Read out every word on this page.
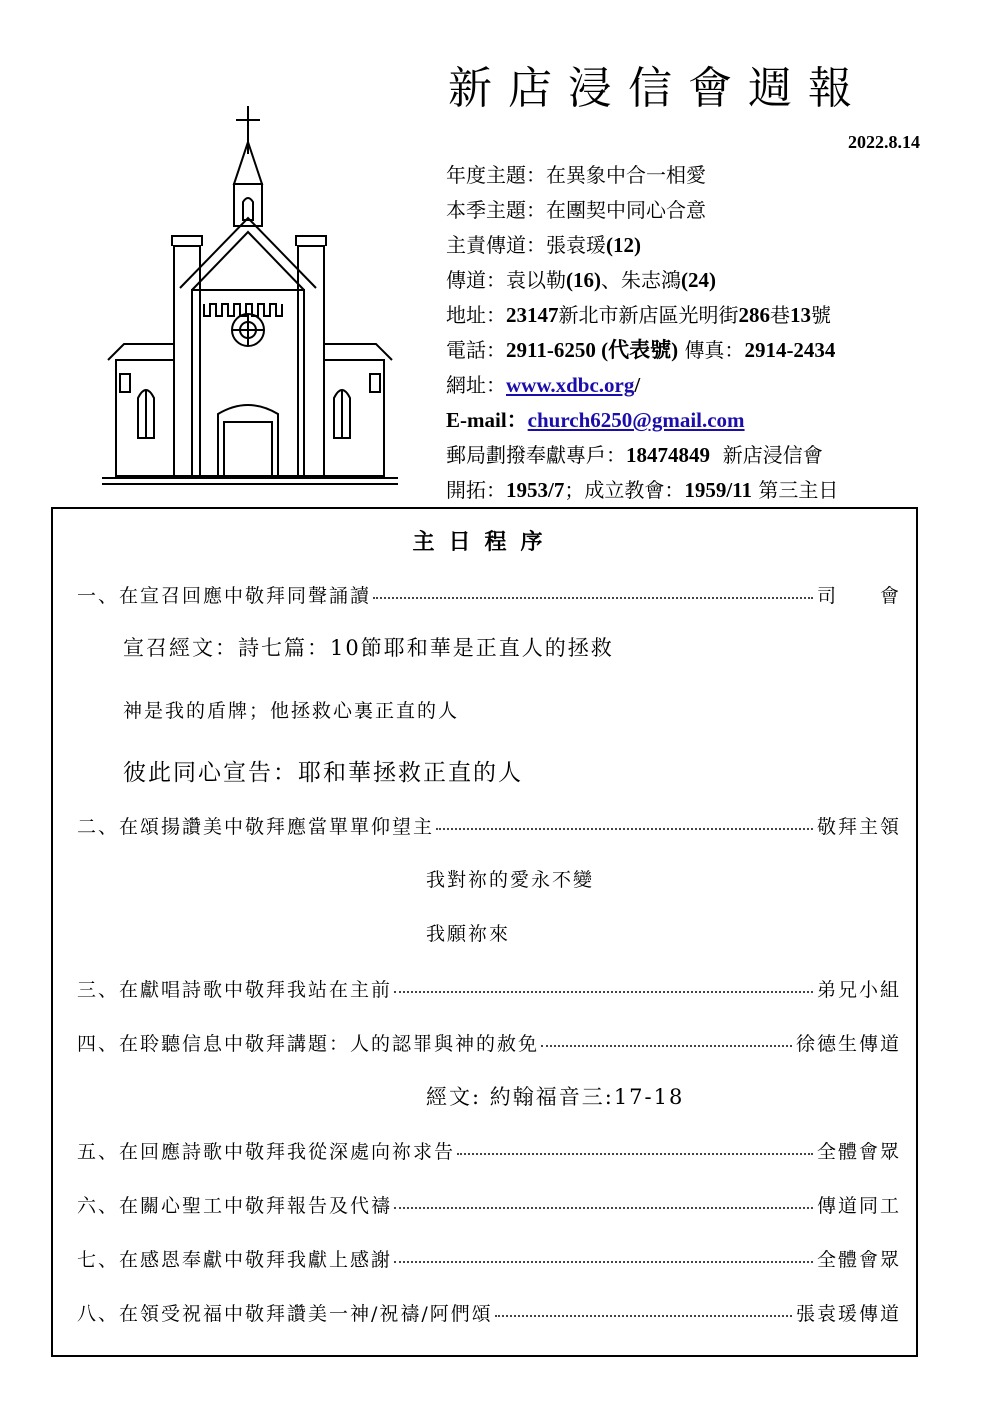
新店浸信會週報
2022.8.14
年度主題：在異象中合一相愛
本季主題：在團契中同心合意
主責傳道：張袁瑗(12)
傳道：袁以勒(16)、朱志鴻(24)
地址：23147新北市新店區光明街286巷13號
電話：2911-6250 (代表號) 傳真：2914-2434
網址：www.xdbc.org/
E-mail：church6250@gmail.com
郵局劃撥奉獻專戶：18474849 新店浸信會
開拓：1953/7；成立教會：1959/11 第三主日
主日程序
一、在宣召回應中敬拜 同聲誦讀	司　　會
宣召經文：詩七篇：10節耶和華是正直人的拯救
神是我的盾牌；他拯救心裏正直的人
彼此同心宣告：耶和華拯救正直的人
二、在頌揚讚美中敬拜 應當單單仰望主	敬拜主領
我對祢的愛永不變
我願祢來
三、在獻唱詩歌中敬拜 我站在主前	弟兄小組
四、在聆聽信息中敬拜 講題：人的認罪與神的赦免	徐德生傳道
經文: 約翰福音三:17-18
五、在回應詩歌中敬拜 我從深處向祢求告	全體會眾
六、在關心聖工中敬拜 報告及代禱	傳道同工
七、在感恩奉獻中敬拜 我獻上感謝	全體會眾
八、在領受祝福中敬拜 讚美一神/祝禱/阿們頌	張袁瑗傳道
